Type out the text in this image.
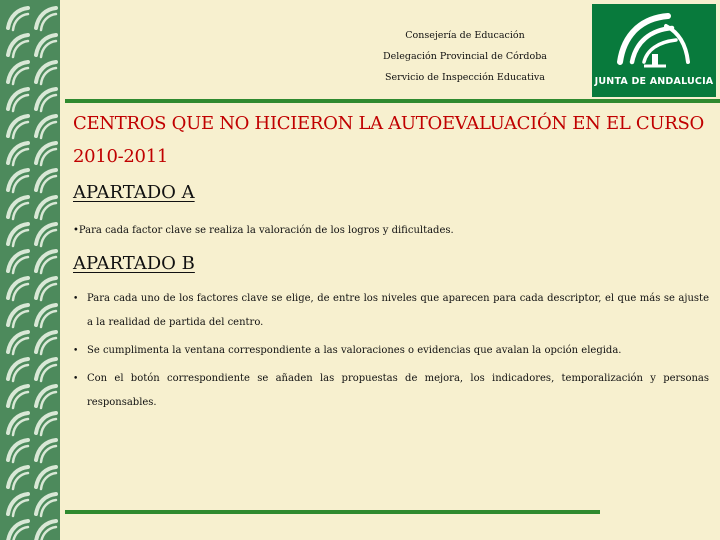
Consejería de Educación
Delegación Provincial de Córdoba
Servicio de Inspección Educativa	JUNTA DE ANDALUCIA
CENTROS QUE NO HICIERON LA AUTOEVALUACIÓN EN EL CURSO 2010-2011
APARTADO A
•Para cada factor clave se realiza la valoración de los logros y dificultades.
APARTADO B
• Para cada uno de los factores clave se elige, de entre los niveles que aparecen para cada descriptor, el que más se ajuste a la realidad de partida del centro.
• Se cumplimenta la ventana correspondiente a las valoraciones o evidencias que avalan la opción elegida.
• Con el botón correspondiente se añaden las propuestas de mejora, los indicadores, temporalización y personas responsables.
